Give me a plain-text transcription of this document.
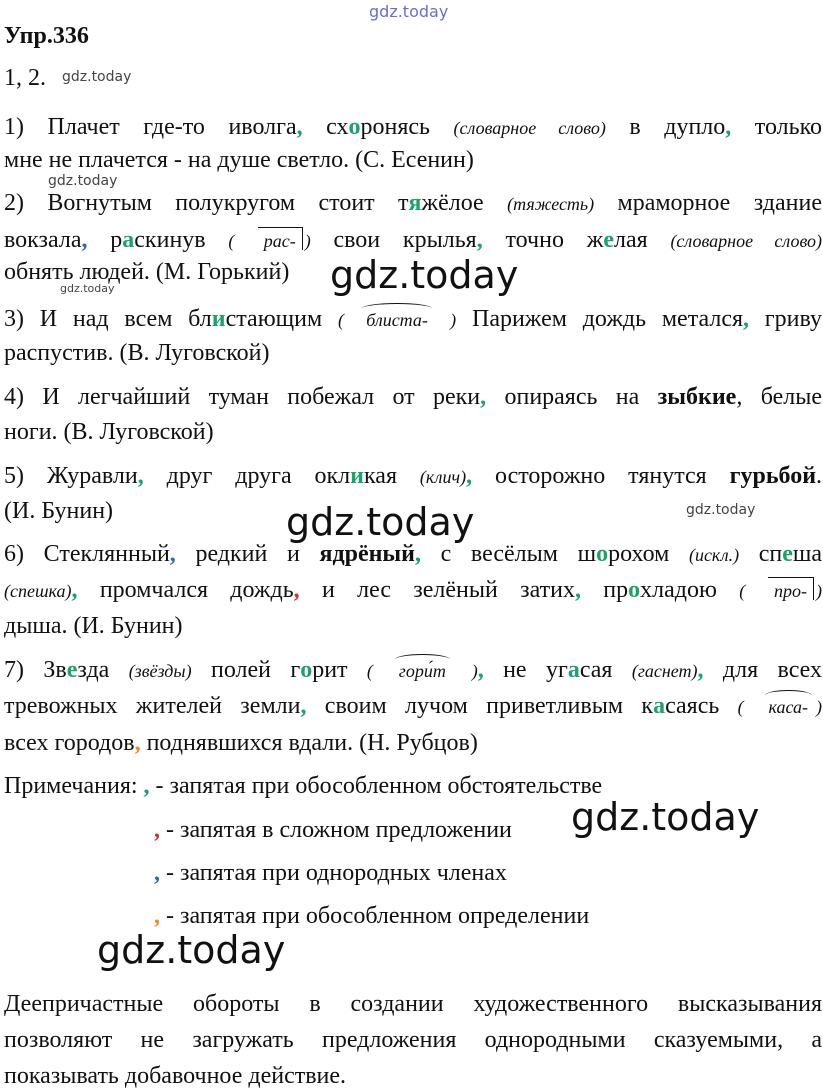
gdz.today
gdz.today
gdz.today
gdz.today
gdz.today
Упр.336
1, 2.
1) Плачет где-то иволга, схоронясь (словарное слово) в дупло, только
мне не плачется - на душе светло. (С. Есенин)
2) Вогнутым полукругом стоит тяжёлое (тяжесть) мраморное здание
вокзала, раскинув ( рас- ) свои крылья, точно желая (словарное слово)
обнять людей. (М. Горький) gdz.today
3) И над всем блистающим ( блиста- ) Парижем дождь метался, гриву
распустив. (В. Луговской)
4) И легчайший туман побежал от реки, опираясь на зыбкие, белые
ноги. (В. Луговской)
5) Журавли, друг друга окликая (клич), осторожно тянутся гурьбой.
(И. Бунин)	gdz.today
6) Стеклянный, редкий и ядрёный, с весёлым шорохом (искл.) спеша
(спешка), промчался дождь, и лес зелёный затих, прохладою ( про- )
дыша. (И. Бунин)
7) Звезда (звёзды) полей горит ( гори́т ), не угасая (гаснет), для всех
тревожных жителей земли, своим лучом приветливым касаясь ( каса- )
всех городов, поднявшихся вдали. (Н. Рубцов)
Примечания: , - запятая при обособленном обстоятельстве
, - запятая в сложном предложении gdz.today
, - запятая при однородных членах
, - запятая при обособленном определении
gdz.today
Деепричастные обороты в создании художественного высказывания
позволяют не загружать предложения однородными сказуемыми, а
показывать добавочное действие.
